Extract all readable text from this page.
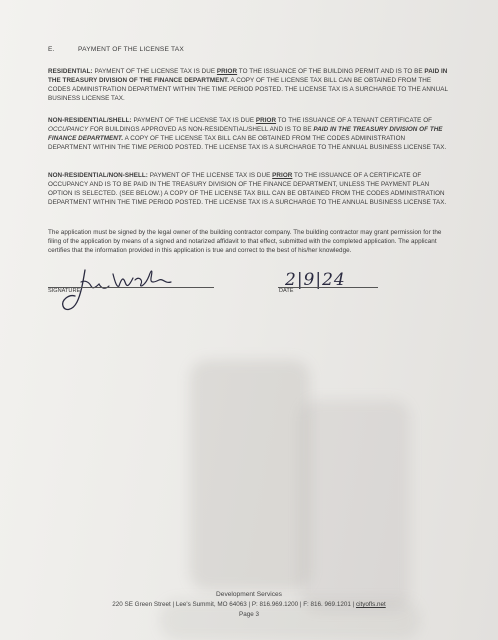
E.	PAYMENT OF THE LICENSE TAX
RESIDENTIAL: PAYMENT OF THE LICENSE TAX IS DUE PRIOR TO THE ISSUANCE OF THE BUILDING PERMIT AND IS TO BE PAID IN THE TREASURY DIVISION OF THE FINANCE DEPARTMENT. A COPY OF THE LICENSE TAX BILL CAN BE OBTAINED FROM THE CODES ADMINISTRATION DEPARTMENT WITHIN THE TIME PERIOD POSTED. THE LICENSE TAX IS A SURCHARGE TO THE ANNUAL BUSINESS LICENSE TAX.
NON-RESIDENTIAL/SHELL: PAYMENT OF THE LICENSE TAX IS DUE PRIOR TO THE ISSUANCE OF A TENANT CERTIFICATE OF OCCUPANCY FOR BUILDINGS APPROVED AS NON-RESIDENTIAL/SHELL AND IS TO BE PAID IN THE TREASURY DIVISION OF THE FINANCE DEPARTMENT. A COPY OF THE LICENSE TAX BILL CAN BE OBTAINED FROM THE CODES ADMINISTRATION DEPARTMENT WITHIN THE TIME PERIOD POSTED. THE LICENSE TAX IS A SURCHARGE TO THE ANNUAL BUSINESS LICENSE TAX.
NON-RESIDENTIAL/NON-SHELL: PAYMENT OF THE LICENSE TAX IS DUE PRIOR TO THE ISSUANCE OF A CERTIFICATE OF OCCUPANCY AND IS TO BE PAID IN THE TREASURY DIVISION OF THE FINANCE DEPARTMENT, UNLESS THE PAYMENT PLAN OPTION IS SELECTED. (SEE BELOW.) A COPY OF THE LICENSE TAX BILL CAN BE OBTAINED FROM THE CODES ADMINISTRATION DEPARTMENT WITHIN THE TIME PERIOD POSTED. THE LICENSE TAX IS A SURCHARGE TO THE ANNUAL BUSINESS LICENSE TAX.
The application must be signed by the legal owner of the building contractor company. The building contractor may grant permission for the filing of the application by means of a signed and notarized affidavit to that effect, submitted with the completed application. The applicant certifies that the information provided in this application is true and correct to the best of his/her knowledge.
SIGNATURE
2|9|24
DATE
Development Services
220 SE Green Street | Lee's Summit, MO 64063 | P: 816.969.1200 | F: 816. 969.1201 | cityofls.net
Page 3
